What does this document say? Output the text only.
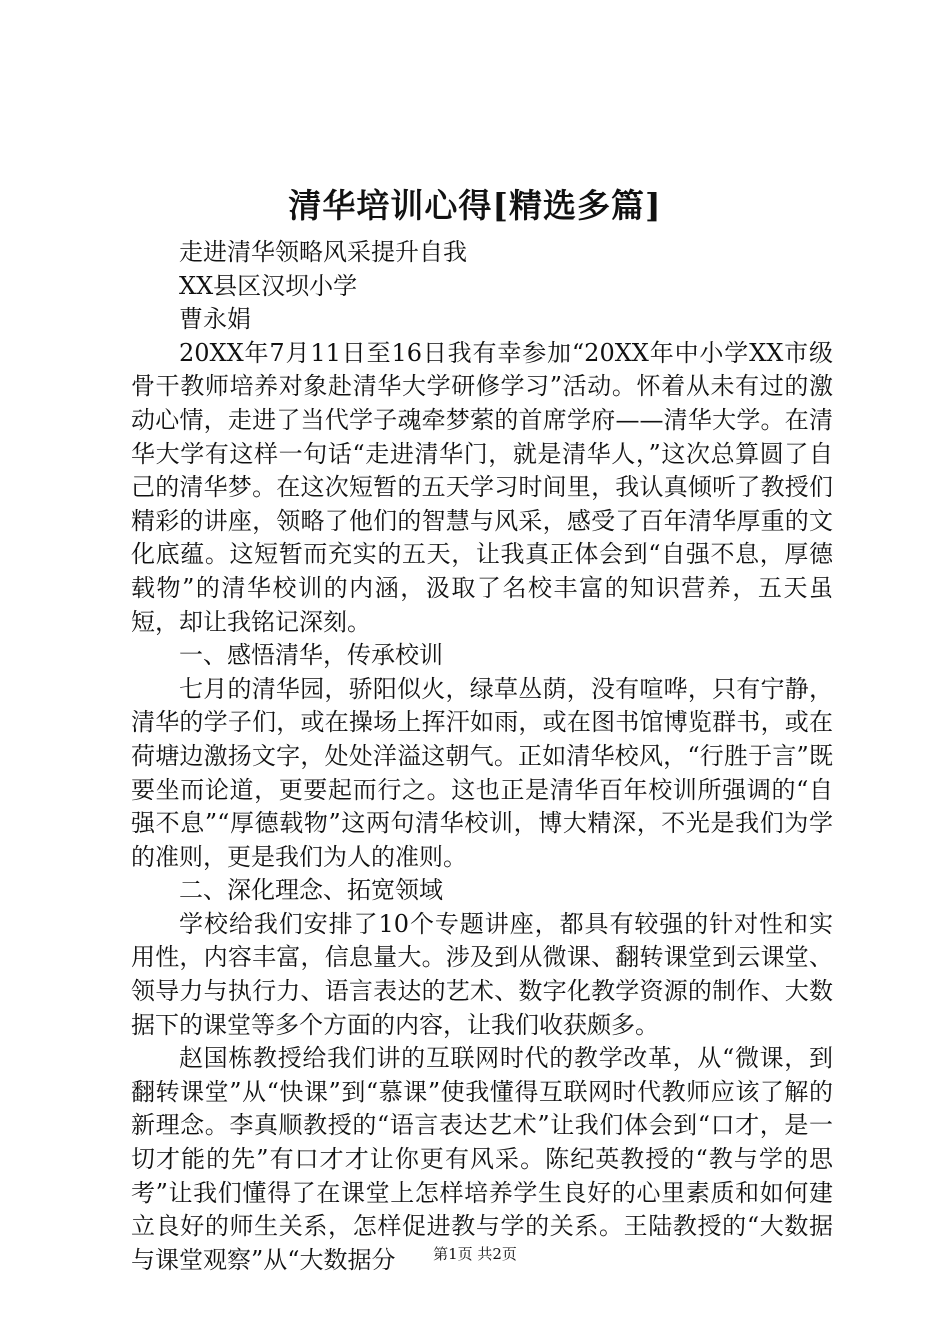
清华培训心得[精选多篇]

走进清华领略风采提升自我

XX县区汉坝小学

曹永娟

20XX年7月11日至16日我有幸参加“20XX年中小学XX市级骨干教师培养对象赴清华大学研修学习”活动。怀着从未有过的激动心情，走进了当代学子魂牵梦萦的首席学府——清华大学。在清华大学有这样一句话“走进清华门，就是清华人，”这次总算圆了自己的清华梦。在这次短暂的五天学习时间里，我认真倾听了教授们精彩的讲座，领略了他们的智慧与风采，感受了百年清华厚重的文化底蕴。这短暂而充实的五天，让我真正体会到“自强不息，厚德载物”的清华校训的内涵，汲取了名校丰富的知识营养，五天虽短，却让我铭记深刻。

一、感悟清华，传承校训

七月的清华园，骄阳似火，绿草丛荫，没有喧哗，只有宁静，清华的学子们，或在操场上挥汗如雨，或在图书馆博览群书，或在荷塘边激扬文字，处处洋溢这朝气。正如清华校风，“行胜于言”既要坐而论道，更要起而行之。这也正是清华百年校训所强调的“自强不息”“厚德载物”这两句清华校训，博大精深，不光是我们为学的准则，更是我们为人的准则。

二、深化理念、拓宽领域

学校给我们安排了10个专题讲座，都具有较强的针对性和实用性，内容丰富，信息量大。涉及到从微课、翻转课堂到云课堂、领导力与执行力、语言表达的艺术、数字化教学资源的制作、大数据下的课堂等多个方面的内容，让我们收获颇多。

赵国栋教授给我们讲的互联网时代的教学改革，从“微课，到翻转课堂”从“快课”到“慕课”使我懂得互联网时代教师应该了解的新理念。李真顺教授的“语言表达艺术”让我们体会到“口才，是一切才能的先”有口才才让你更有风采。陈纪英教授的“教与学的思考”让我们懂得了在课堂上怎样培养学生良好的心里素质和如何建立良好的师生关系，怎样促进教与学的关系。王陆教授的“大数据与课堂观察”从“大数据分	第1页 共2页
